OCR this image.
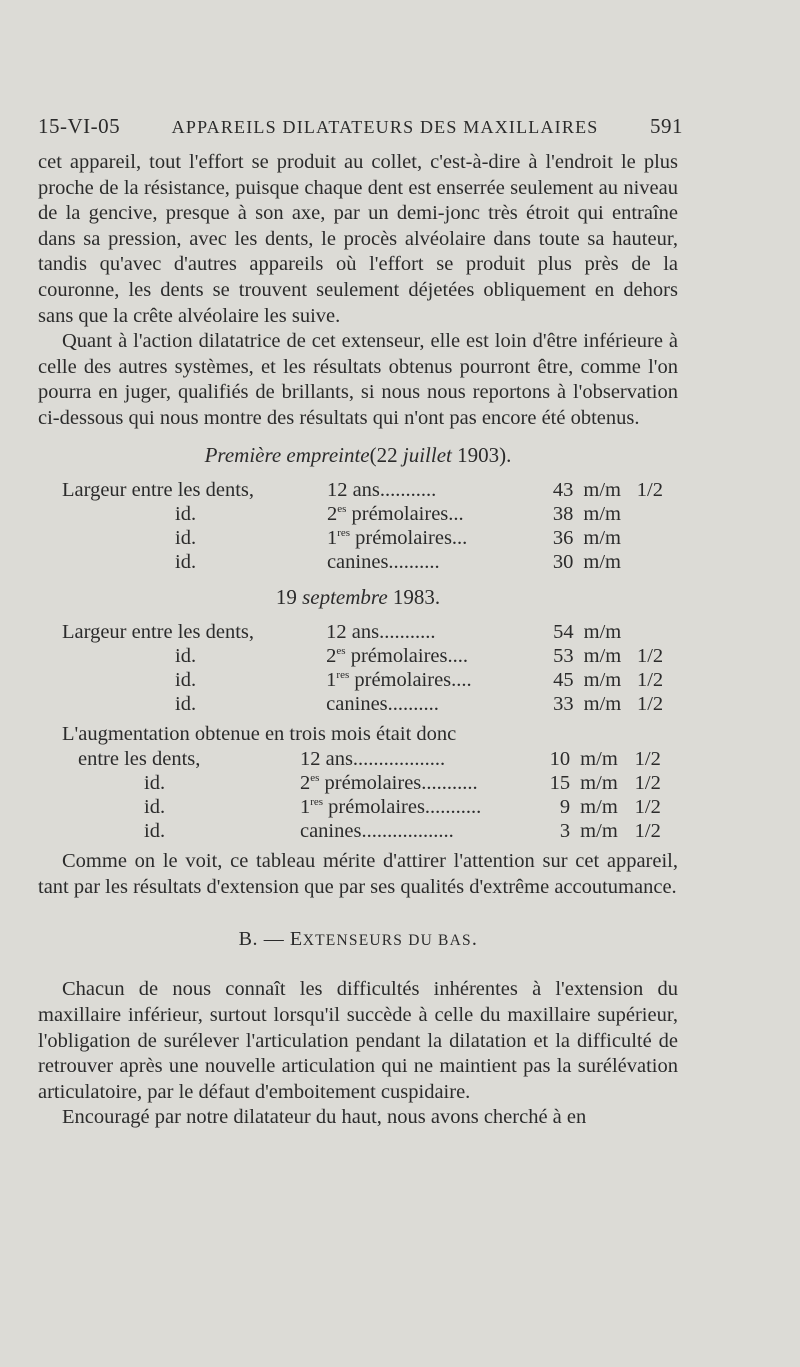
15-VI-05	APPAREILS DILATATEURS DES MAXILLAIRES	591

cet appareil, tout l'effort se produit au collet, c'est-à-dire à l'endroit le plus proche de la résistance, puisque chaque dent est enserrée seulement au niveau de la gencive, presque à son axe, par un demi-jonc très étroit qui entraîne dans sa pression, avec les dents, le procès alvéolaire dans toute sa hauteur, tandis qu'avec d'autres appareils où l'effort se produit plus près de la couronne, les dents se trouvent seulement déjetées obliquement en dehors sans que la crête alvéolaire les suive.

Quant à l'action dilatatrice de cet extenseur, elle est loin d'être inférieure à celle des autres systèmes, et les résultats obtenus pourront être, comme l'on pourra en juger, qualifiés de brillants, si nous nous reportons à l'observation ci-dessous qui nous montre des résultats qui n'ont pas encore été obtenus.

Première empreinte(22 juillet 1903).
Largeur entre les dents,	12 ans...........	43	m/m	1/2
id.	$2^{es}$ prémolaires...	38	m/m	
id.	1res prémolaires...	36	m/m	
id.	canines..........	30	m/m	
19 septembre 1983.
Largeur entre les dents,	12 ans...........	54	m/m	
id.	$2^{es}$ prémolaires....	53	m/m	1/2
id.	1res prémolaires....	45	m/m	1/2
id.	canines..........	33	m/m	1/2

L'augmentation obtenue en trois mois était donc

entre les dents,	12 ans..................	10	m/m	1/2
id.	$2^{es}$ prémolaires...........	15	m/m	1/2
id.	1res prémolaires...........	9	m/m	1/2
id.	canines..................	3	m/m	1/2

Comme on le voit, ce tableau mérite d'attirer l'attention sur cet appareil, tant par les résultats d'extension que par ses qualités d'extrême accoutumance.

B. — EXTENSEURS DU BAS.

Chacun de nous connaît les difficultés inhérentes à l'extension du maxillaire inférieur, surtout lorsqu'il succède à celle du maxillaire supérieur, l'obligation de surélever l'articulation pendant la dilatation et la difficulté de retrouver après une nouvelle articulation qui ne maintient pas la surélévation articulatoire, par le défaut d'emboitement cuspidaire.

Encouragé par notre dilatateur du haut, nous avons cherché à en
